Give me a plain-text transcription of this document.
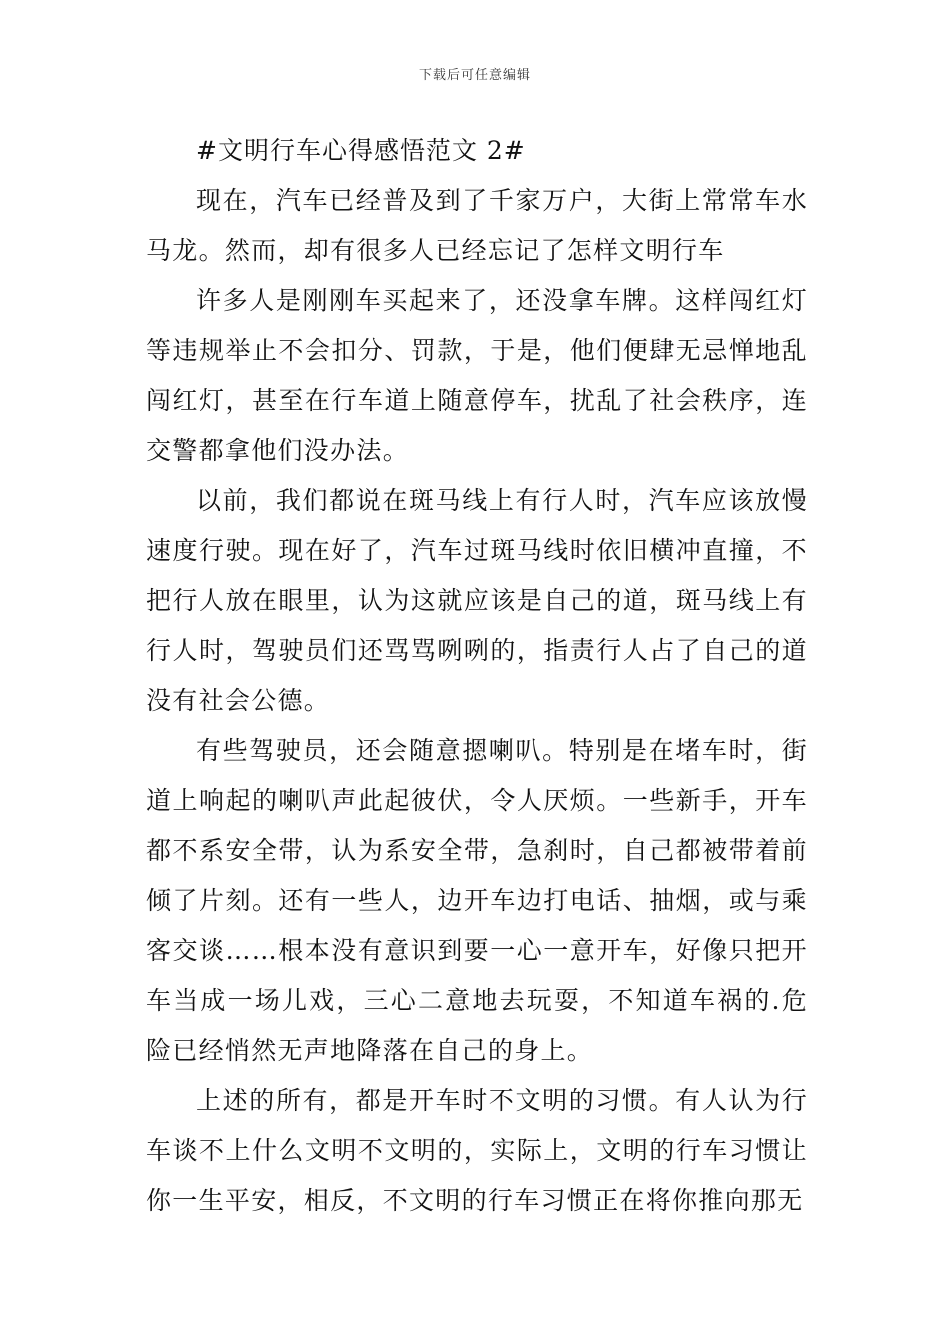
下载后可任意编辑

#文明行车心得感悟范文 2#

现在，汽车已经普及到了千家万户，大街上常常车水马龙。然而，却有很多人已经忘记了怎样文明行车

许多人是刚刚车买起来了，还没拿车牌。这样闯红灯等违规举止不会扣分、罚款，于是，他们便肆无忌惮地乱闯红灯，甚至在行车道上随意停车，扰乱了社会秩序，连交警都拿他们没办法。

以前，我们都说在斑马线上有行人时，汽车应该放慢速度行驶。现在好了，汽车过斑马线时依旧横冲直撞，不把行人放在眼里，认为这就应该是自己的道，斑马线上有行人时，驾驶员们还骂骂咧咧的，指责行人占了自己的道没有社会公德。

有些驾驶员，还会随意摁喇叭。特别是在堵车时，街道上响起的喇叭声此起彼伏，令人厌烦。一些新手，开车都不系安全带，认为系安全带，急刹时，自己都被带着前倾了片刻。还有一些人，边开车边打电话、抽烟，或与乘客交谈……根本没有意识到要一心一意开车，好像只把开车当成一场儿戏，三心二意地去玩耍，不知道车祸的.危险已经悄然无声地降落在自己的身上。

上述的所有，都是开车时不文明的习惯。有人认为行车谈不上什么文明不文明的，实际上，文明的行车习惯让你一生平安，相反，不文明的行车习惯正在将你推向那无
